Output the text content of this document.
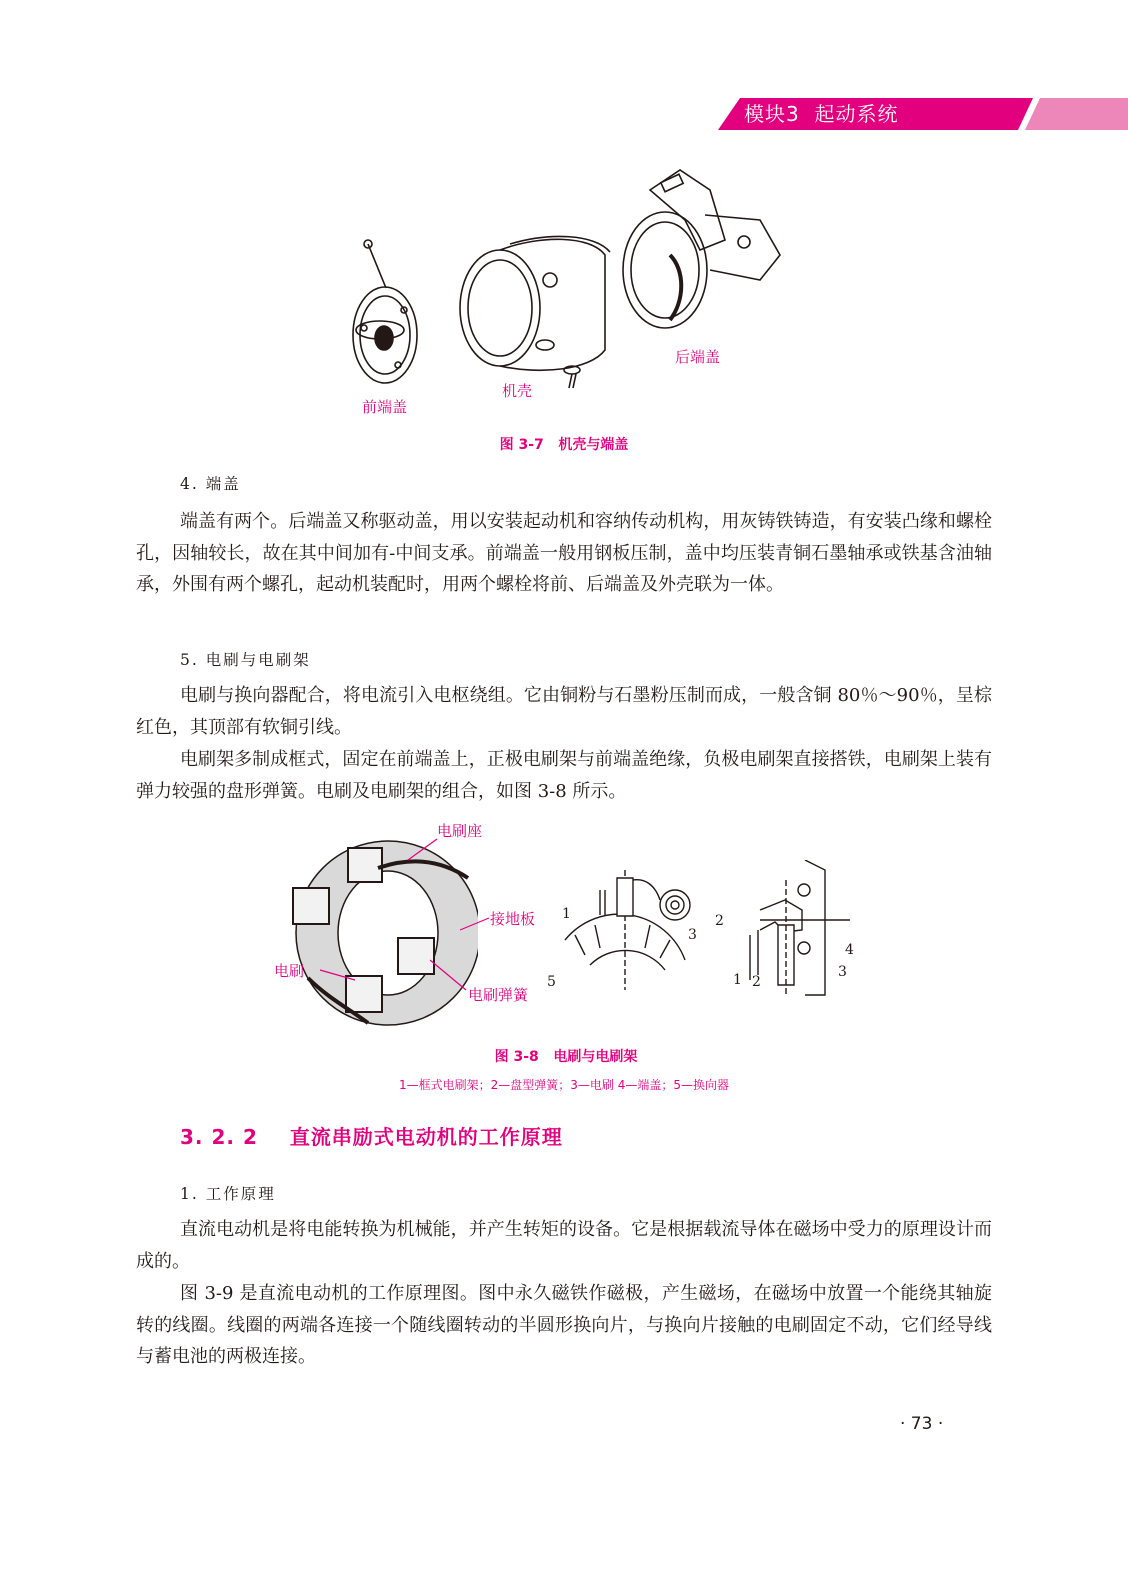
模块3  起动系统
前端盖
机壳
后端盖
图 3-7   机壳与端盖
4. 端盖
端盖有两个。后端盖又称驱动盖，用以安装起动机和容纳传动机构，用灰铸铁铸造，有安装凸缘和螺栓孔，因轴较长，故在其中间加有-中间支承。前端盖一般用钢板压制，盖中均压装青铜石墨轴承或铁基含油轴承，外围有两个螺孔，起动机装配时，用两个螺栓将前、后端盖及外壳联为一体。
5. 电刷与电刷架
电刷与换向器配合，将电流引入电枢绕组。它由铜粉与石墨粉压制而成，一般含铜 80％～90％，呈棕红色，其顶部有软铜引线。
电刷架多制成框式，固定在前端盖上，正极电刷架与前端盖绝缘，负极电刷架直接搭铁，电刷架上装有弹力较强的盘形弹簧。电刷及电刷架的组合，如图 3-8 所示。
电刷座
接地板
电刷
电刷弹簧
1	2
3
5
4
3
1 2
图 3-8   电刷与电刷架
1—框式电刷架；2—盘型弹簧；3—电刷 4—端盖；5—换向器
3. 2. 2    直流串励式电动机的工作原理
1. 工作原理
直流电动机是将电能转换为机械能，并产生转矩的设备。它是根据载流导体在磁场中受力的原理设计而成的。
图 3-9 是直流电动机的工作原理图。图中永久磁铁作磁极，产生磁场，在磁场中放置一个能绕其轴旋转的线圈。线圈的两端各连接一个随线圈转动的半圆形换向片，与换向片接触的电刷固定不动，它们经导线与蓄电池的两极连接。
· 73 ·
